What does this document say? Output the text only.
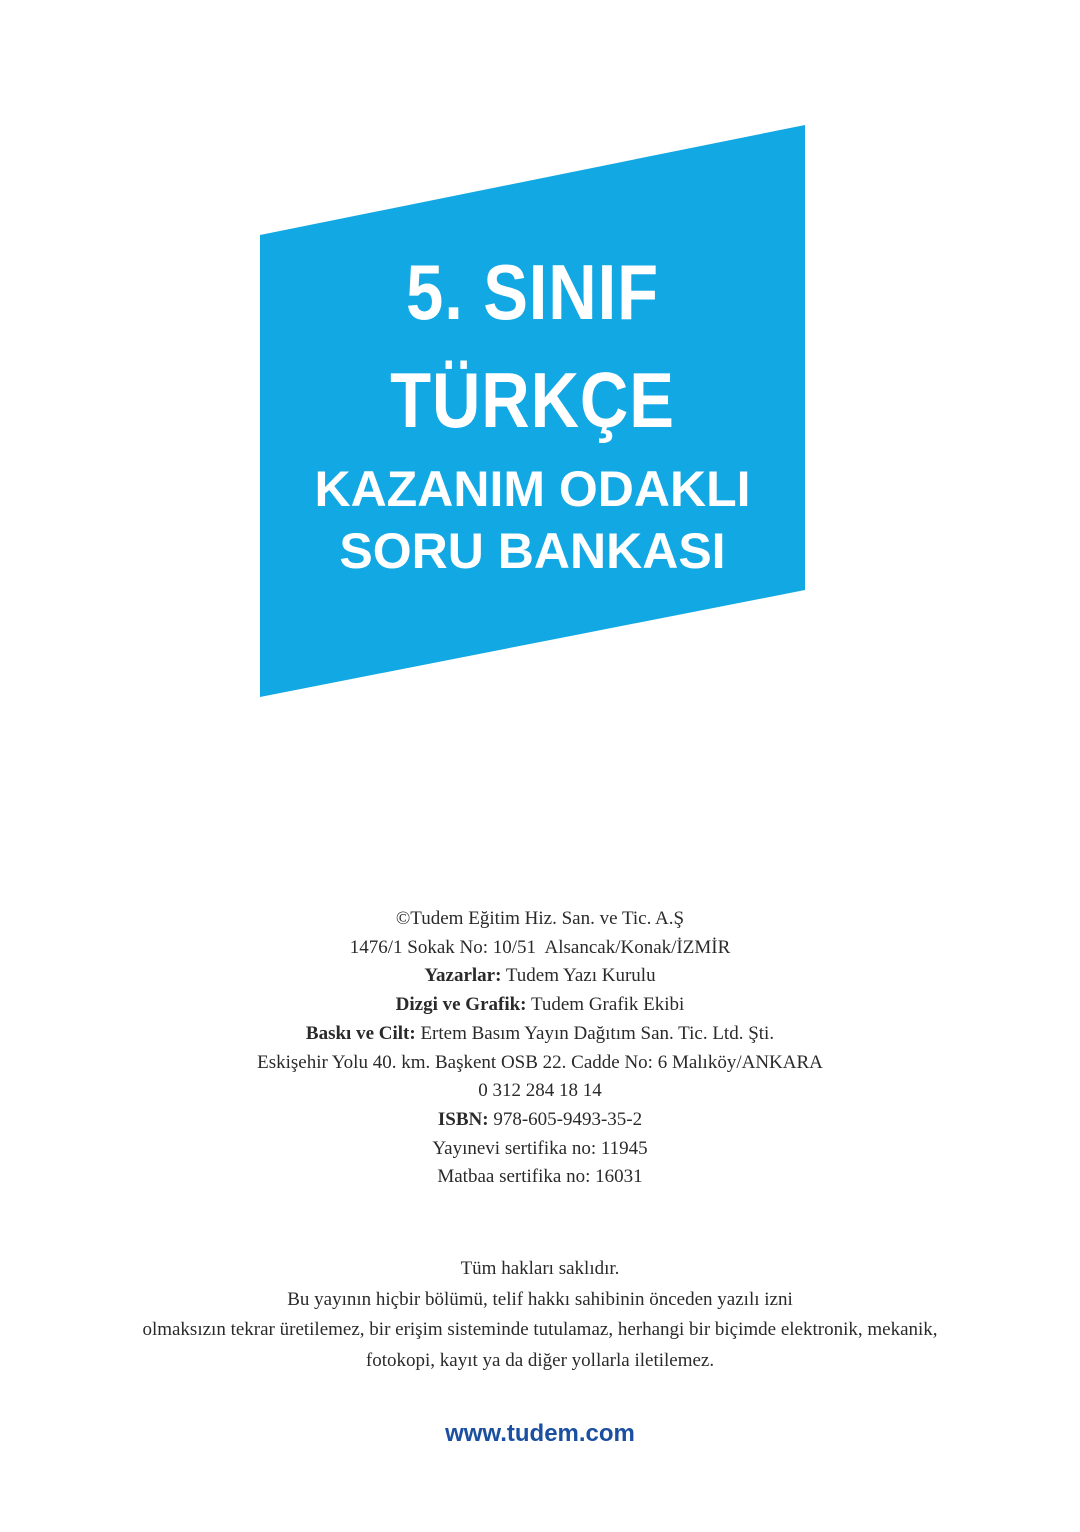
5. SINIF
TÜRKÇE
KAZANIM ODAKLI
SORU BANKASI
©Tudem Eğitim Hiz. San. ve Tic. A.Ş
1476/1 Sokak No: 10/51  Alsancak/Konak/İZMİR
Yazarlar: Tudem Yazı Kurulu
Dizgi ve Grafik: Tudem Grafik Ekibi
Baskı ve Cilt: Ertem Basım Yayın Dağıtım San. Tic. Ltd. Şti.
Eskişehir Yolu 40. km. Başkent OSB 22. Cadde No: 6 Malıköy/ANKARA
0 312 284 18 14
ISBN: 978-605-9493-35-2
Yayınevi sertifika no: 11945
Matbaa sertifika no: 16031
Tüm hakları saklıdır.
Bu yayının hiçbir bölümü, telif hakkı sahibinin önceden yazılı izni
olmaksızın tekrar üretilemez, bir erişim sisteminde tutulamaz, herhangi bir biçimde elektronik, mekanik,
fotokopi, kayıt ya da diğer yollarla iletilemez.
www.tudem.com
